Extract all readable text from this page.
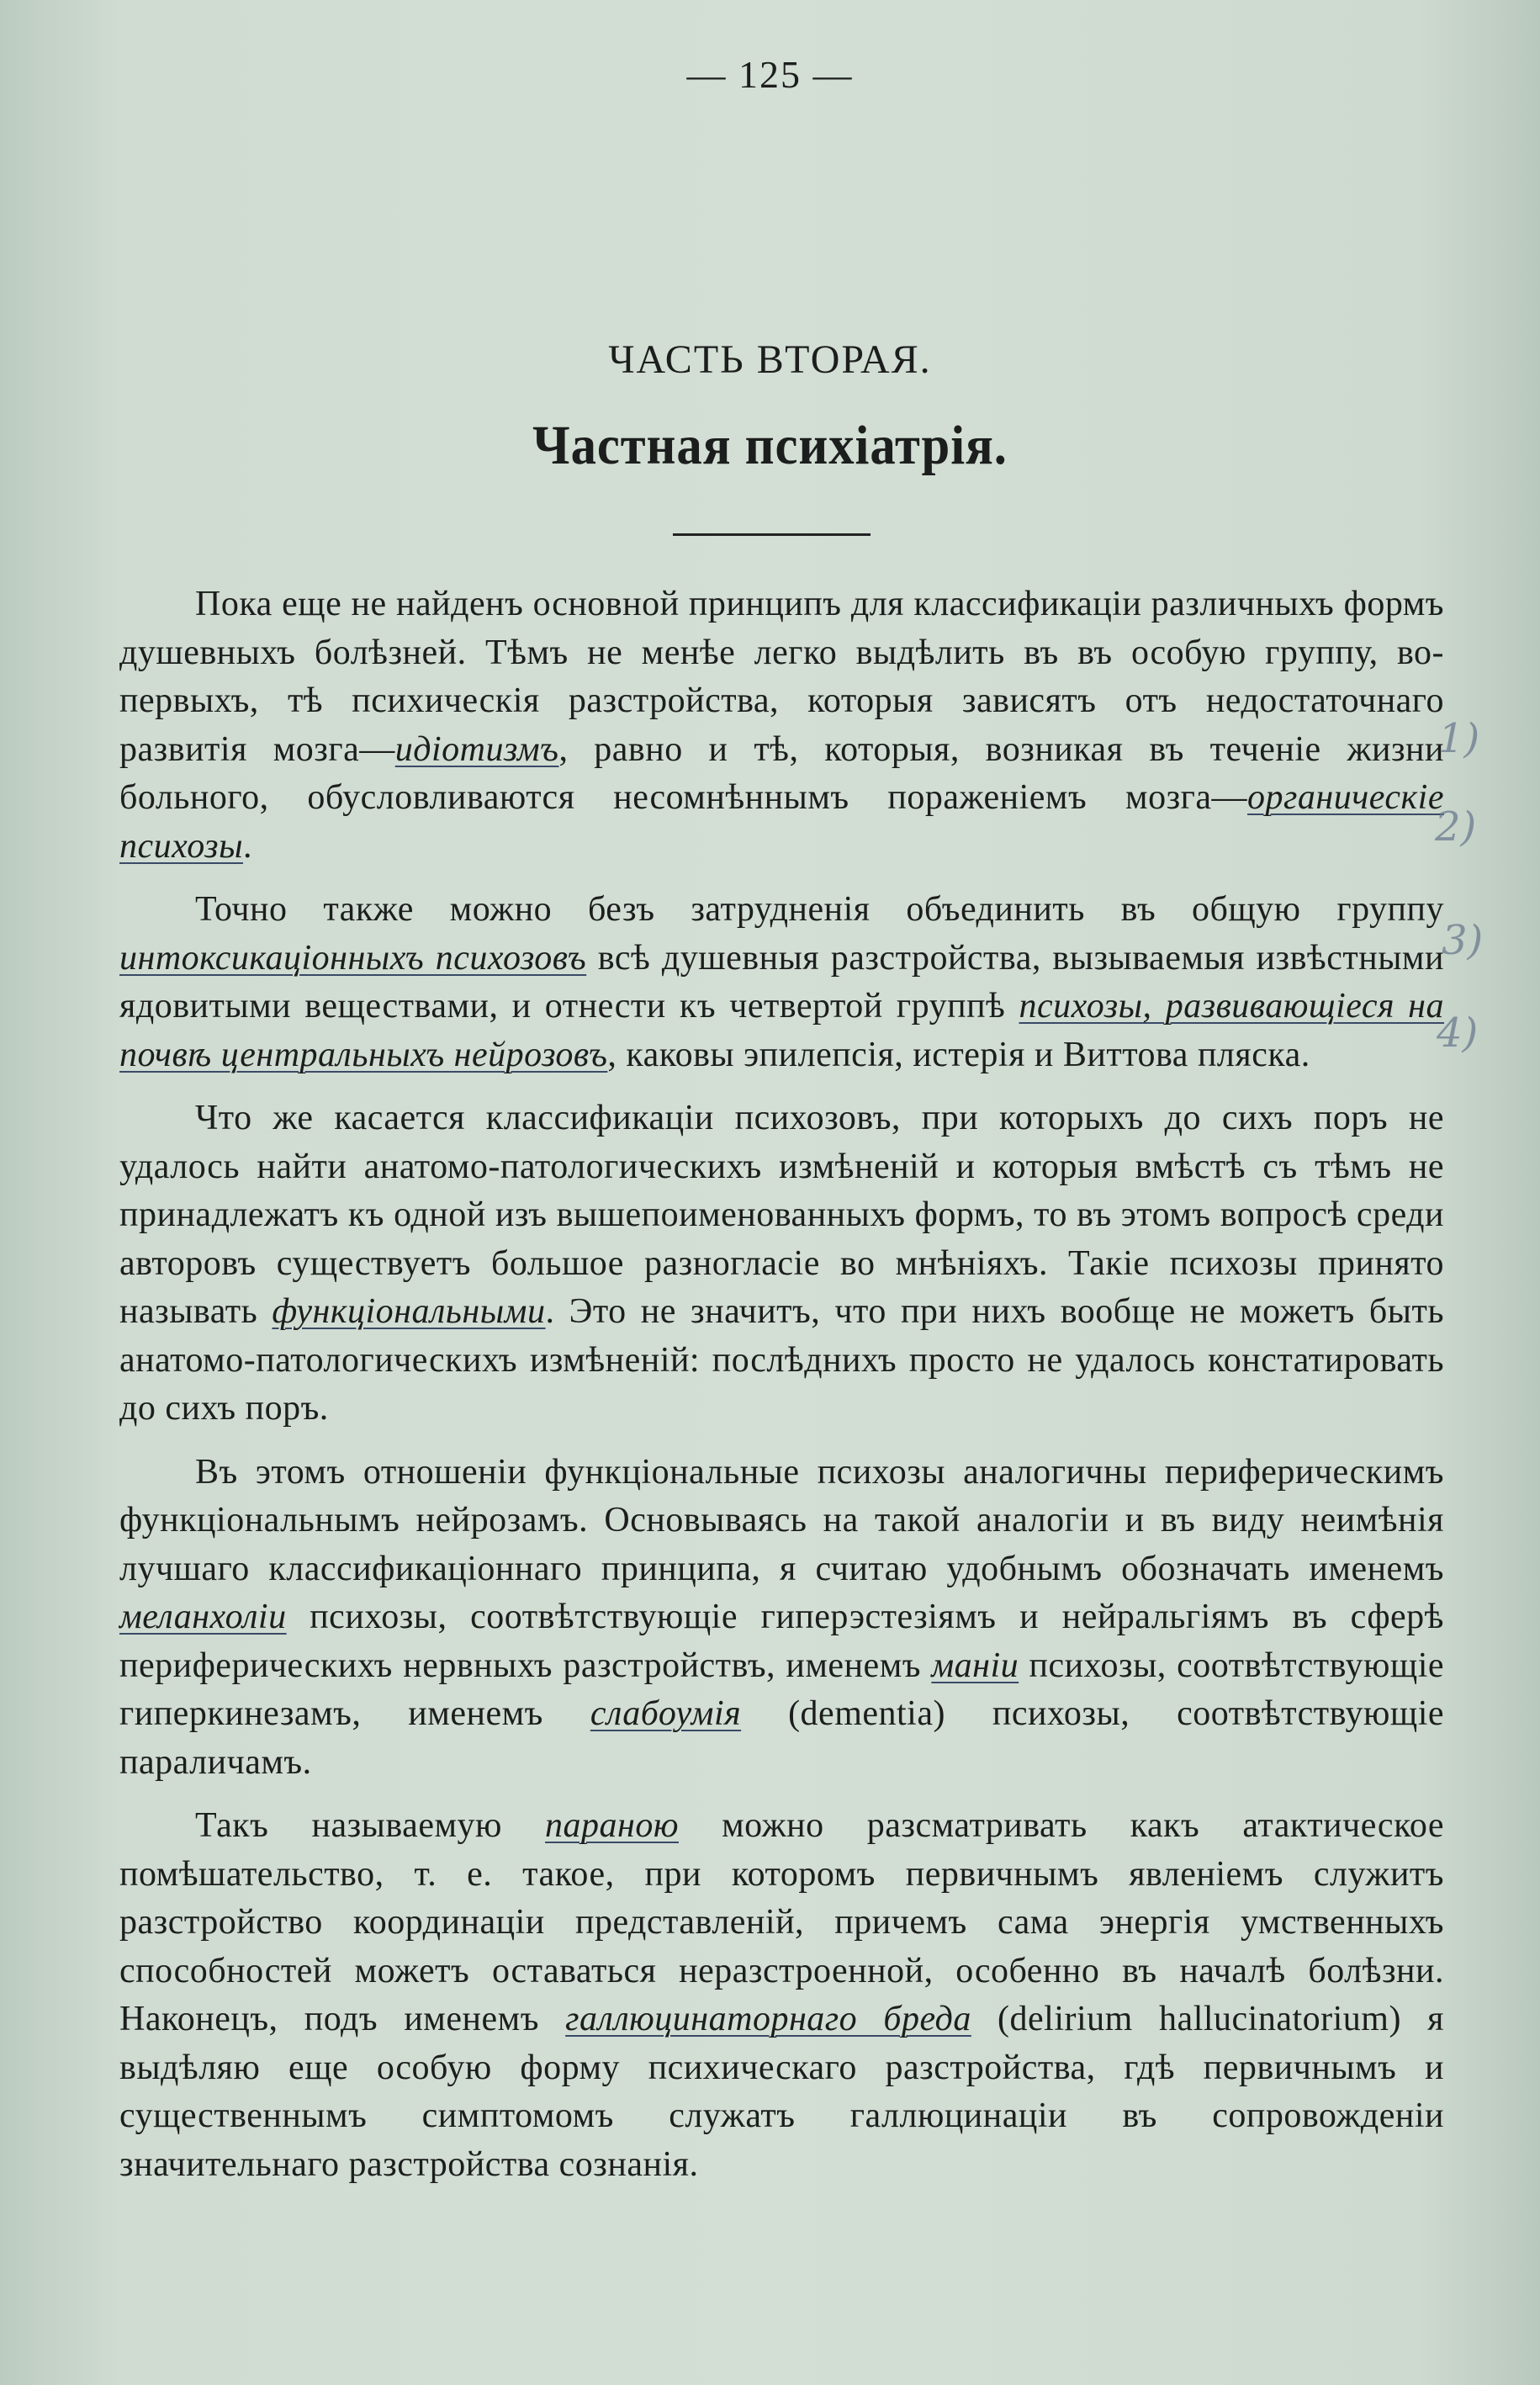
— 125 —
ЧАСТЬ ВТОРАЯ.
Частная психiатрiя.

Пока еще не найденъ основной принципъ для классификацiи различныхъ формъ душевныхъ болѣзней. Тѣмъ не менѣе легко выдѣлить въ въ особую группу, во-первыхъ, тѣ психическiя разстройства, которыя зависятъ отъ недостаточнаго развитiя мозга—идiотизмъ, равно и тѣ, которыя, возникая въ теченiе жизни больного, обусловливаются несомнѣннымъ пораженiемъ мозга—органическiе психозы.

Точно также можно безъ затрудненiя объединить въ общую группу интоксикацiонныхъ психозовъ всѣ душевныя разстройства, вызываемыя извѣстными ядовитыми веществами, и отнести къ четвертой группѣ психозы, развивающiеся на почвѣ центральныхъ нейрозовъ, каковы эпилепсiя, истерiя и Виттова пляска.

Что же касается классификацiи психозовъ, при которыхъ до сихъ поръ не удалось найти анатомо-патологическихъ измѣненiй и которыя вмѣстѣ съ тѣмъ не принадлежатъ къ одной изъ вышепоименованныхъ формъ, то въ этомъ вопросѣ среди авторовъ существуетъ большое разногласiе во мнѣнiяхъ. Такiе психозы принято называть функцiональными. Это не значитъ, что при нихъ вообще не можетъ быть анатомо-патологическихъ измѣненiй: послѣднихъ просто не удалось констатировать до сихъ поръ.

Въ этомъ отношенiи функцiональные психозы аналогичны периферическимъ функцiональнымъ нейрозамъ. Основываясь на такой аналогiи и въ виду неимѣнiя лучшаго классификацiоннаго принципа, я считаю удобнымъ обозначать именемъ меланхолiи психозы, соотвѣтствующiе гиперэстезiямъ и нейральгiямъ въ сферѣ периферическихъ нервныхъ разстройствъ, именемъ манiи психозы, соотвѣтствующiе гиперкинезамъ, именемъ слабоумiя (dementia) психозы, соотвѣтствующiе параличамъ.

Такъ называемую параною можно разсматривать какъ атактическое помѣшательство, т. е. такое, при которомъ первичнымъ явленiемъ служитъ разстройство координацiи представленiй, причемъ сама энергiя умственныхъ способностей можетъ оставаться неразстроенной, особенно въ началѣ болѣзни. Наконецъ, подъ именемъ галлюцинаторнаго бреда (delirium hallucinatorium) я выдѣляю еще особую форму психическаго разстройства, гдѣ первичнымъ и существеннымъ симптомомъ служатъ галлюцинацiи въ сопровожденiи значительнаго разстройства сознанiя.

1)
2)
3)
4)
